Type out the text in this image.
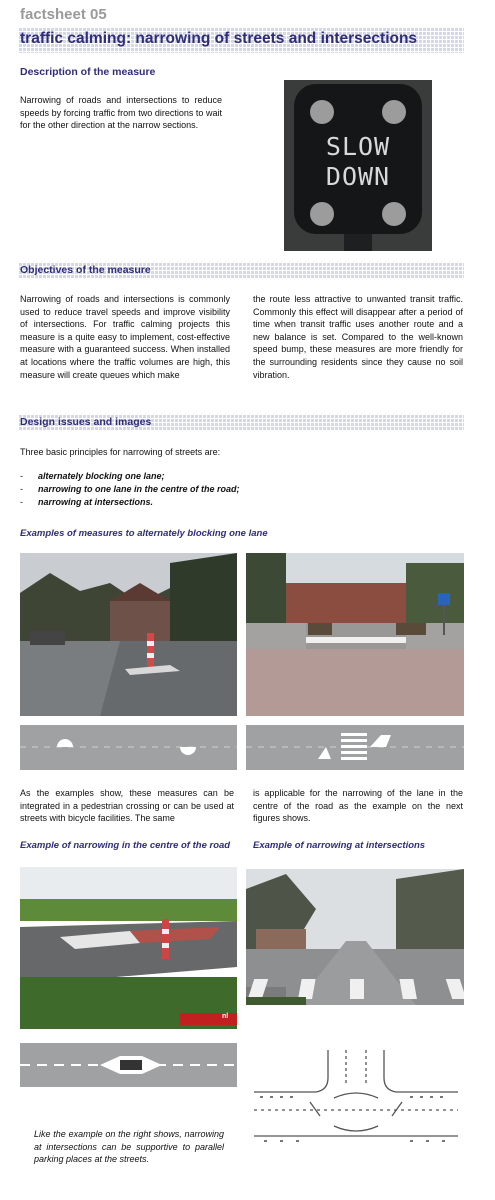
factsheet 05
traffic calming: narrowing of streets and intersections
Description of the measure
Narrowing of roads and intersections to reduce speeds by forcing traffic from two directions to wait for the other direction at the narrow sections.
SLOW
DOWN
Objectives of the measure
Narrowing of roads and intersections is commonly used to reduce travel speeds and improve visibility of intersections. For traffic calming projects this measure is a quite easy to implement, cost-effective measure with a guaranteed success. When installed at locations where the traffic volumes are high, this measure will create queues which make
the route less attractive to unwanted transit traffic. Commonly this effect will disappear after a period of time when transit traffic uses another route and a new balance is set. Compared to the well-known speed bump, these measures are more friendly for the surrounding residents since they cause no soil vibration.
Design issues and images
Three basic principles for narrowing of streets are:
- alternately blocking one lane;
- narrowing to one lane in the centre of the road;
- narrowing at intersections.
Examples of measures to alternately blocking one lane
As the examples show, these measures can be integrated in a pedestrian crossing or can be used at streets with bicycle facilities. The same
is applicable for the narrowing of the lane in the centre of the road as the example on the next figures shows.
Example of narrowing in the centre of the road	Example of narrowing at intersections
nl
Like the example on the right shows, narrowing at intersections can be supportive to parallel parking places at the streets.
